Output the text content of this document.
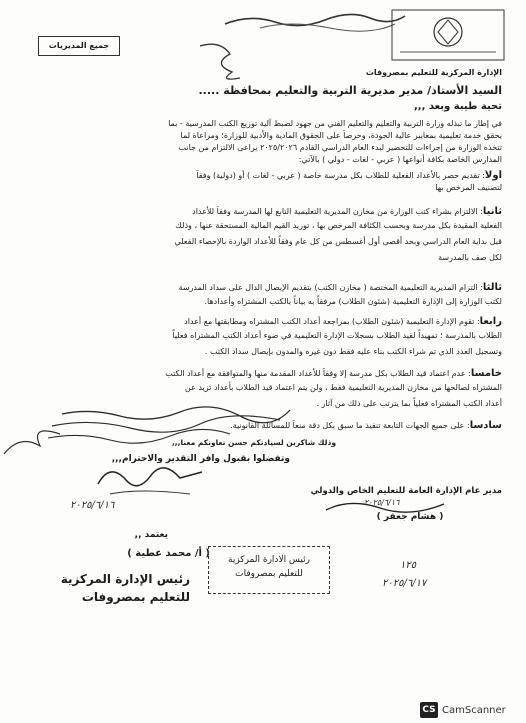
جميع المديريات
الإدارة المركزية للتعليم بمصروفات
السيد الأستاذ/ مدير مديرية التربية والتعليم بمحافظة .....
تحية طيبة وبعد ,,,
في إطار ما تبذله وزارة التربية والتعليم والتعليم الفني من جهود لضبط آلية توزيع الكتب المدرسية - بما
يحقق خدمة تعليمية بمعايير عالية الجودة، وحرصاً على الحقوق المادية والأدبية للوزارة؛ ومراعاة لما
تتخذه الوزارة من إجراءات للتحضير لبدء العام الدراسي القادم ٢٠٢٥/٢٠٢٦ يراعى الالتزام من جانب
المدارس الخاصة بكافة أنواعها ( عربي - لغات - دولي ) بالآتي:
أولاً: تقديم حصر بالأعداد الفعلية للطلاب بكل مدرسة خاصة ( عربي - لغات ) أو (دولية) وفقاً
لتصنيف المرخص بها
ثانياً: الالتزام بشراء كتب الوزارة من مخازن المديرية التعليمية التابع لها المدرسة وفقاً للأعداد
الفعلية المقيدة بكل مدرسة وبحسب الكثافة المرخص بها ، توريد القيم المالية المستحقة عنها ، وذلك
قبل بداية العام الدراسي وبحد أقصى أول أغسطس من كل عام وفقاً للأعداد الواردة بالإحصاء الفعلي
لكل صف بالمدرسة
ثالثاً: التزام المديرية التعليمية المختصة ( مخازن الكتب) بتقديم الإيصال الدال على سداد المدرسة
لكتب الوزارة إلى الإدارة التعليمية (شئون الطلاب) مرفقاً به بياناً بالكتب المشتراه وأعدادها.
رابعاً: تقوم الإدارة التعليمية (شئون الطلاب) بمراجعة أعداد الكتب المشتراه ومطابقتها مع أعداد
الطلاب بالمدرسة ؛ تمهيداً لقيد الطلاب بسجلات الإدارة التعليمية في ضوء أعداد الكتب المشتراه فعلياً
وتسجيل العدد الذي تم شراء الكتب بناء عليه فقط دون غيره والمدون بإيصال سداد الكتب .
خامساً: عدم اعتماد قيد الطلاب بكل مدرسة إلا وفقاً للأعداد المقدمة منها والمتوافقة مع أعداد الكتب
المشتراه لصالحها من مخازن المديرية التعليمية فقط ، ولن يتم اعتماد قيد الطلاب بأعداد تزيد عن
أعداد الكتب المشتراه فعلياً بما يترتب على ذلك من آثار .
سادساً: على جميع الجهات التابعة تنفيذ ما سبق بكل دقة منعاً للمسائلة القانونية.
وذلك شاكرين لسيادتكم حسن تعاونكم معنا,,,
وتفضلوا بقبول وافر التقدير والاحترام,,,
مدير عام الإدارة العامة للتعليم الخاص والدولي
٢٠٢٥/٦/١٦
( هشام جعفر )
٢٠٢٥/٦/١٦
يعتمد ,,
( أ/ محمد عطية )
رئيس الإدارة المركزية
للتعليم بمصروفات
رئيس الادارة المركزية
للتعليم بمصروفات
١٢٥
٢٠٢٥/٦/١٧
CS CamScanner
